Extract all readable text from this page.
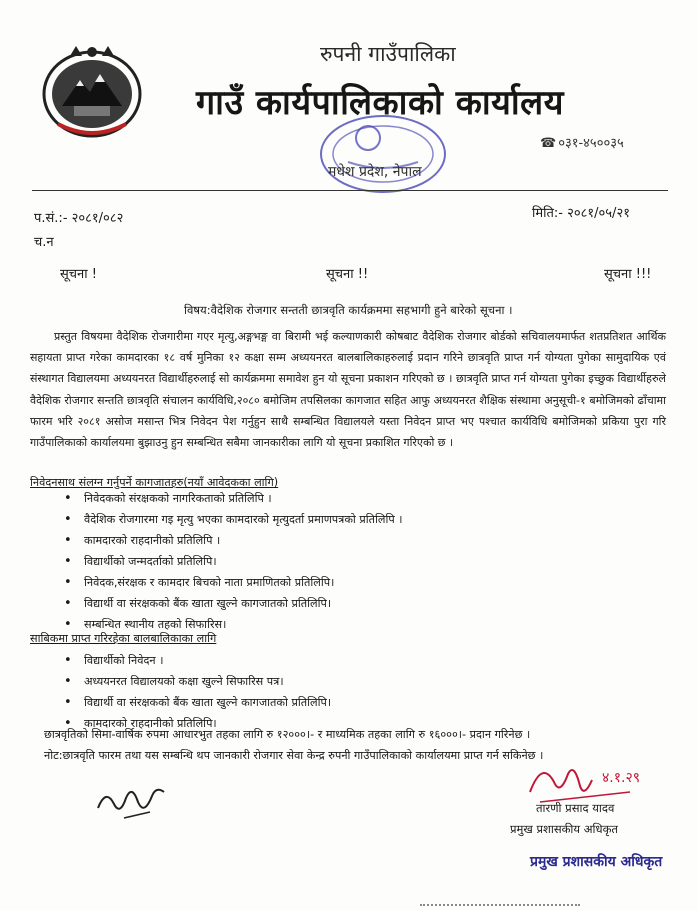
रुपनी गाउँपालिका
गाउँ कार्यपालिकाको कार्यालय
मधेश प्रदेश, नेपाल
☎ ०३१-४५००३५
प.सं.:- २०८१/०८२
च.न
मिति:- २०८१/०५/२१
सूचना !	सूचना !!	सूचना !!!
विषय:वैदेशिक रोजगार सन्तती छात्रवृति कार्यक्रममा सहभागी हुने बारेको सूचना ।

प्रस्तुत विषयमा वैदेशिक रोजगारीमा गएर मृत्यु,अङ्गभङ्ग वा बिरामी भई कल्याणकारी कोषबाट वैदेशिक रोजगार बोर्डको सचिवालयमार्फत शतप्रतिशत आर्थिक सहायता प्राप्त गरेका कामदारका १८ वर्ष मुनिका १२ कक्षा सम्म अध्ययनरत बालबालिकाहरुलाई प्रदान गरिने छात्रवृति प्राप्त गर्न योग्यता पुगेका सामुदायिक एवं संस्थागत विद्यालयमा अध्ययनरत विद्यार्थीहरुलाई सो कार्यक्रममा समावेश हुन यो सूचना प्रकाशन गरिएको छ । छात्रवृति प्राप्त गर्न योग्यता पुगेका इच्छुक विद्यार्थीहरुले वैदेशिक रोजगार सन्तति छात्रवृति संचालन कार्यविधि,२०८० बमोजिम तपसिलका कागजात सहित आफु अध्ययनरत शैक्षिक संस्थामा अनुसूची-१ बमोजिमको ढाँचामा फारम भरि २०८१ असोज मसान्त भित्र निवेदन पेश गर्नुहुन साथै सम्बन्धित विद्यालयले यस्ता निवेदन प्राप्त भए पश्चात कार्यविधि बमोजिमको प्रकिया पुरा गरि गाउँपालिकाको कार्यालयमा बुझाउनु हुन सम्बन्धित सबैमा जानकारीका लागि यो सूचना प्रकाशित गरिएको छ ।

निवेदनसाथ संलग्न गर्नुपर्ने कागजातहरु(नयाँ आवेदकका लागि)
• निवेदकको संरक्षकको नागरिकताको प्रतिलिपि ।
• वैदेशिक रोजगारमा गइ मृत्यु भएका कामदारको मृत्युदर्ता प्रमाणपत्रको प्रतिलिपि ।
• कामदारको राहदानीको प्रतिलिपि ।
• विद्यार्थीको जन्मदर्ताको प्रतिलिपि।
• निवेदक,संरक्षक र कामदार बिचको नाता प्रमाणितको प्रतिलिपि।
• विद्यार्थी वा संरक्षकको बैंक खाता खुल्ने कागजातको प्रतिलिपि।
• सम्बन्धित स्थानीय तहको सिफारिस।
साबिकमा प्राप्त गरिरहेका बालबालिकाका लागि
• विद्यार्थीको निवेदन ।
• अध्ययनरत विद्यालयको कक्षा खुल्ने सिफारिस पत्र।
• विद्यार्थी वा संरक्षकको बैंक खाता खुल्ने कागजातको प्रतिलिपि।
• कामदारको राहदानीको प्रतिलिपि।
छात्रवृतिको सिमा-वार्षिक रुपमा आधारभुत तहका लागि रु १२०००।- र माध्यमिक तहका लागि रु १६०००।- प्रदान गरिनेछ ।
नोट:छात्रवृति फारम तथा यस सम्बन्धि थप जानकारी रोजगार सेवा केन्द्र रुपनी गाउँपालिकाको कार्यालयमा प्राप्त गर्न सकिनेछ ।
४.१.२९
तारणी प्रसाद यादव
प्रमुख प्रशासकीय अधिकृत
प्रमुख प्रशासकीय अधिकृत
